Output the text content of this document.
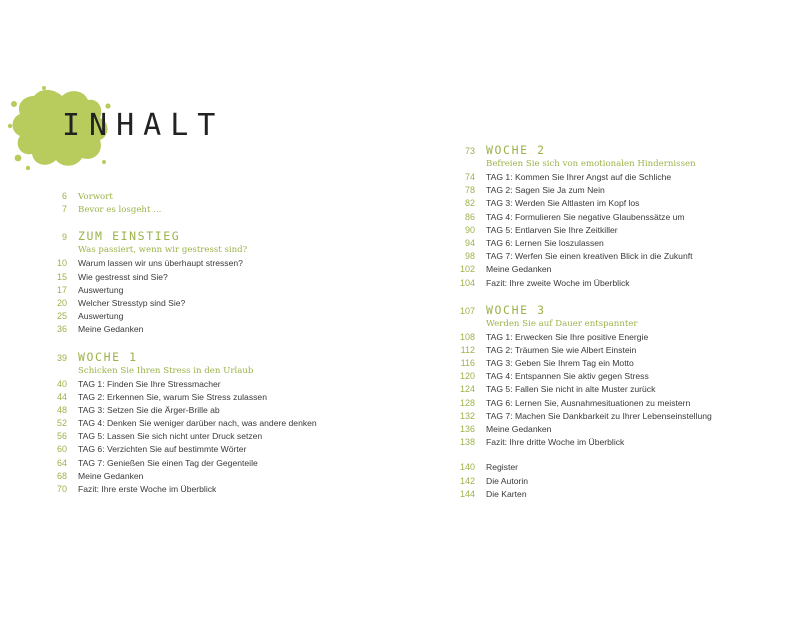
INHALT
6	Vorwort
7	Bevor es losgeht ...
9 ZUM EINSTIEG
Was passiert, wenn wir gestresst sind?
10	Warum lassen wir uns überhaupt stressen?
15	Wie gestresst sind Sie?
17	Auswertung
20	Welcher Stresstyp sind Sie?
25	Auswertung
36	Meine Gedanken
39 WOCHE 1
Schicken Sie Ihren Stress in den Urlaub
40	TAG 1: Finden Sie Ihre Stressmacher
44	TAG 2: Erkennen Sie, warum Sie Stress zulassen
48	TAG 3: Setzen Sie die Ärger-Brille ab
52	TAG 4: Denken Sie weniger darüber nach, was andere denken
56	TAG 5: Lassen Sie sich nicht unter Druck setzen
60	TAG 6: Verzichten Sie auf bestimmte Wörter
64	TAG 7: Genießen Sie einen Tag der Gegenteile
68	Meine Gedanken
70	Fazit: Ihre erste Woche im Überblick
73 WOCHE 2
Befreien Sie sich von emotionalen Hindernissen
74	TAG 1: Kommen Sie Ihrer Angst auf die Schliche
78	TAG 2: Sagen Sie Ja zum Nein
82	TAG 3: Werden Sie Altlasten im Kopf los
86	TAG 4: Formulieren Sie negative Glaubenssätze um
90	TAG 5: Entlarven Sie Ihre Zeitkiller
94	TAG 6: Lernen Sie loszulassen
98	TAG 7: Werfen Sie einen kreativen Blick in die Zukunft
102	Meine Gedanken
104	Fazit: Ihre zweite Woche im Überblick
107 WOCHE 3
Werden Sie auf Dauer entspannter
108	TAG 1: Erwecken Sie Ihre positive Energie
112	TAG 2: Träumen Sie wie Albert Einstein
116	TAG 3: Geben Sie Ihrem Tag ein Motto
120	TAG 4: Entspannen Sie aktiv gegen Stress
124	TAG 5: Fallen Sie nicht in alte Muster zurück
128	TAG 6: Lernen Sie, Ausnahmesituationen zu meistern
132	TAG 7: Machen Sie Dankbarkeit zu Ihrer Lebenseinstellung
136	Meine Gedanken
138	Fazit: Ihre dritte Woche im Überblick
140	Register
142	Die Autorin
144	Die Karten
